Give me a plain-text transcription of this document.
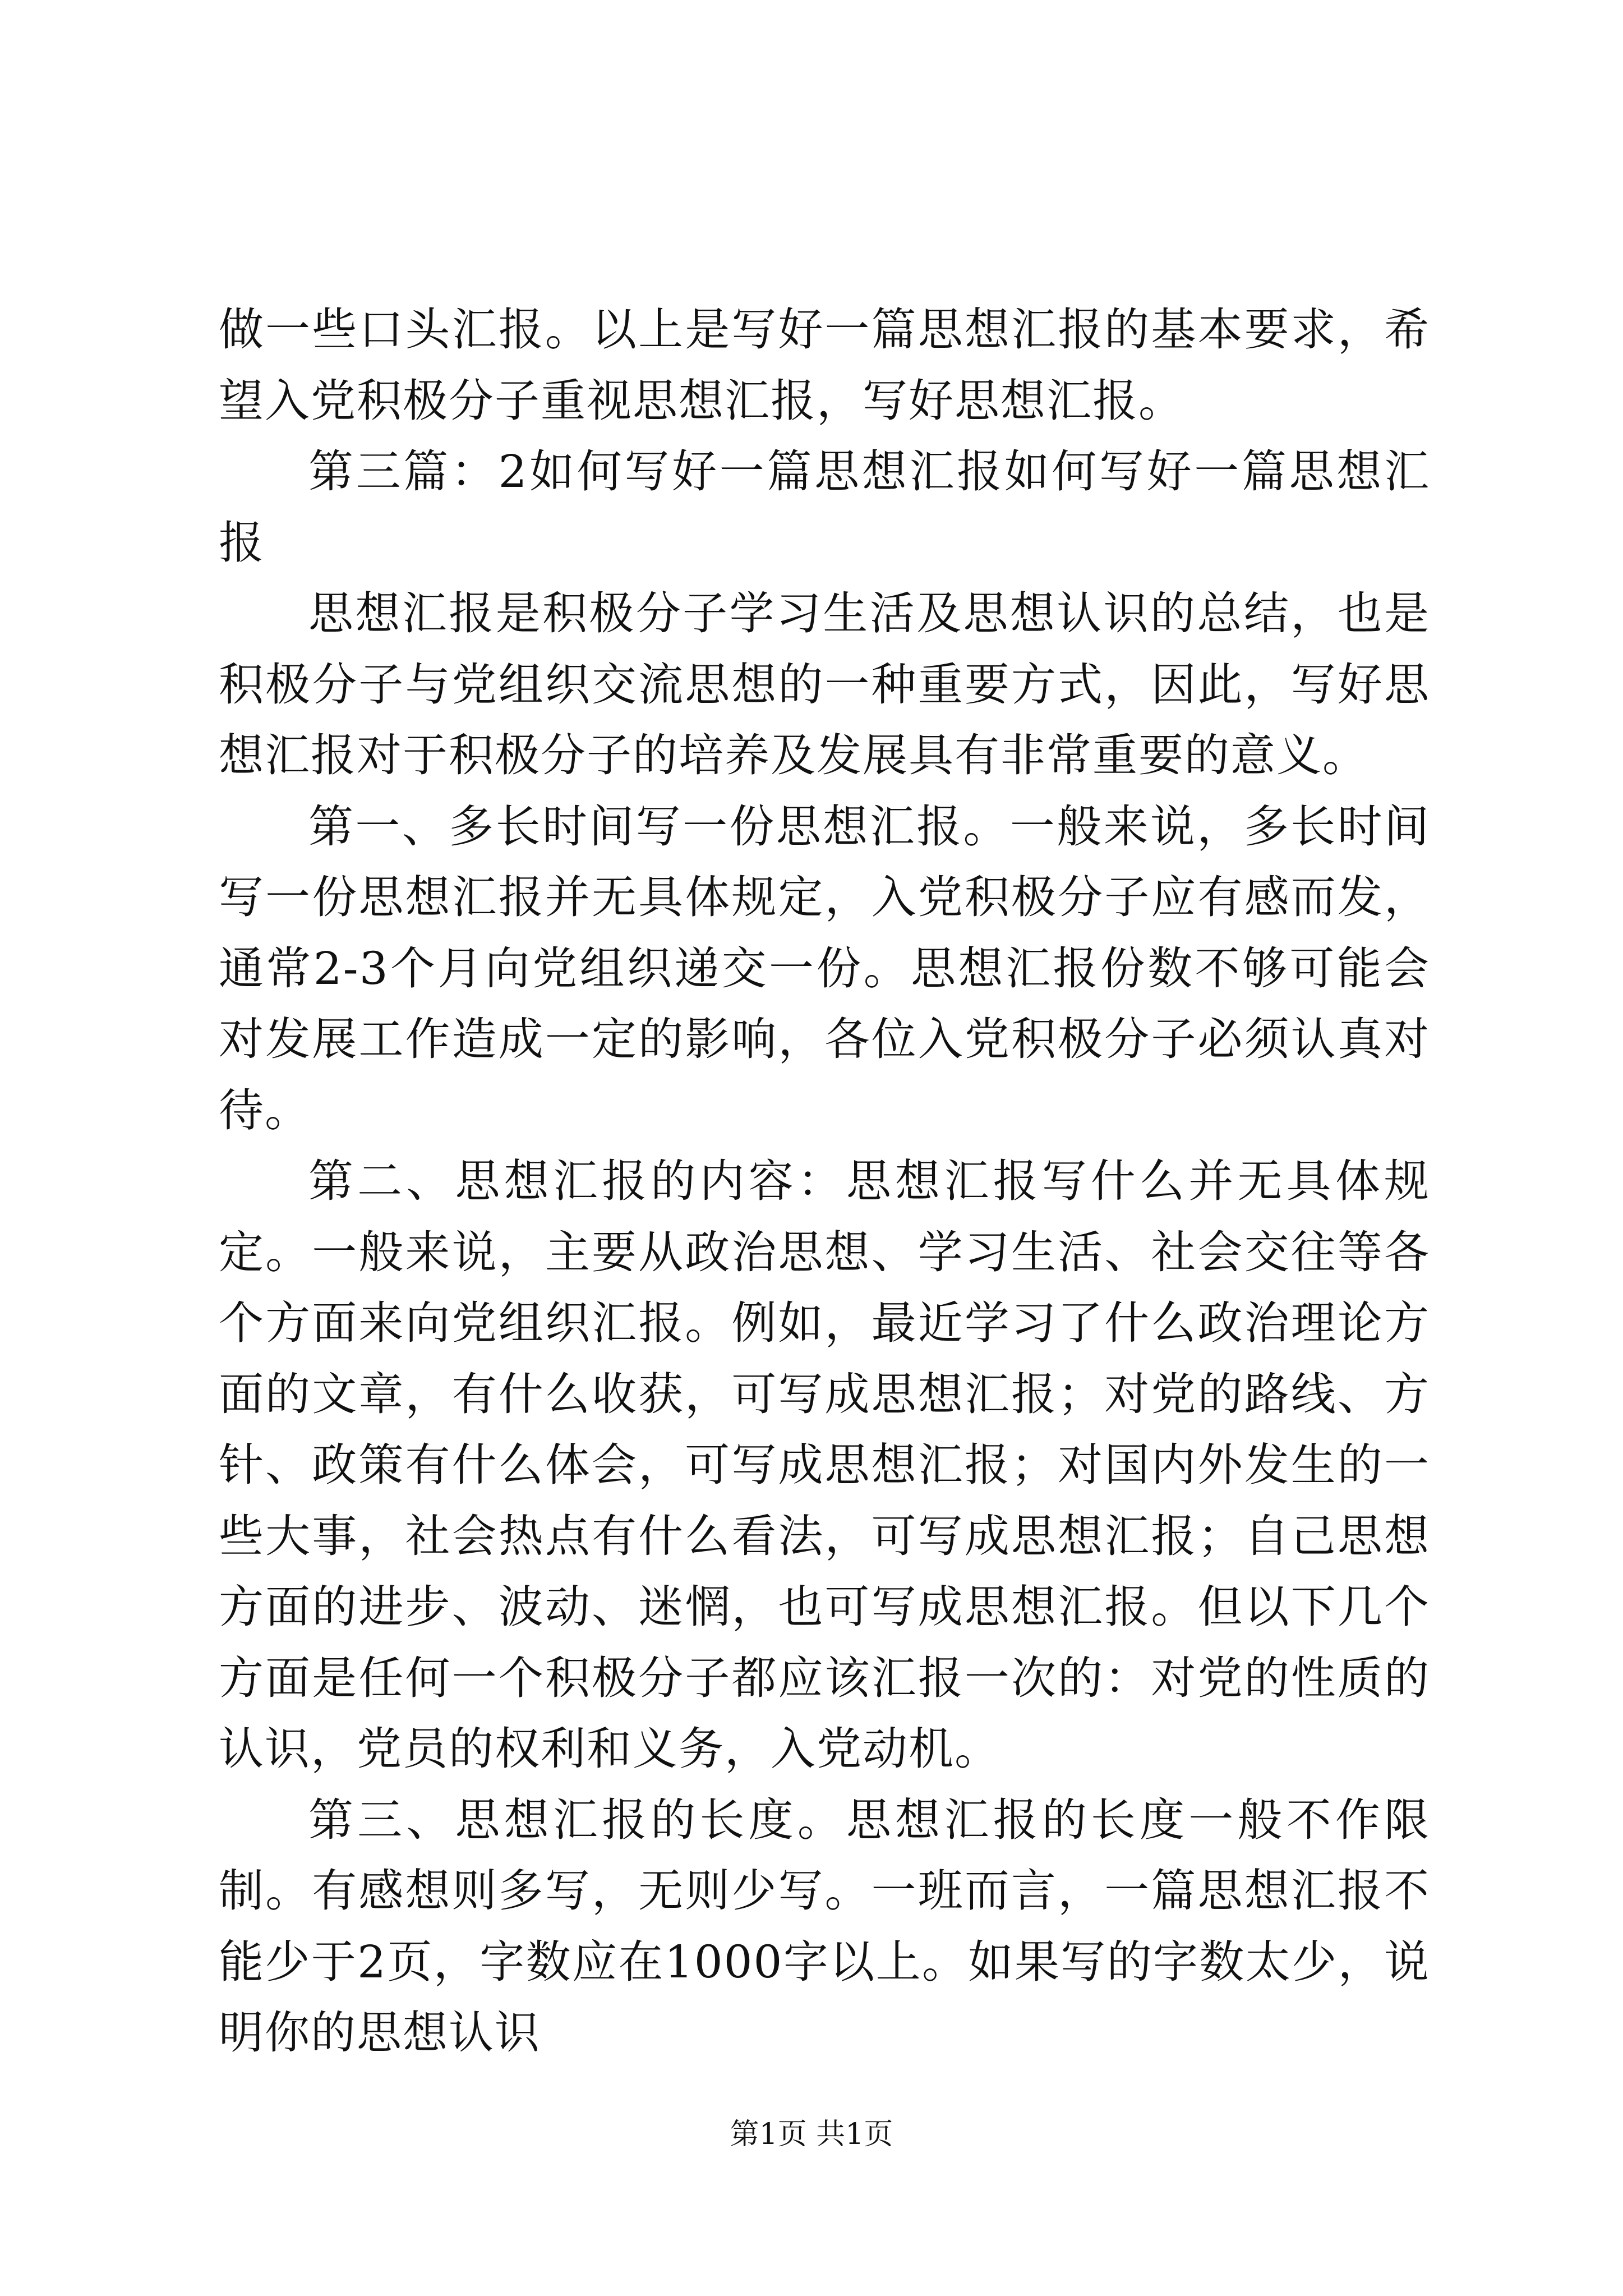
做一些口头汇报。以上是写好一篇思想汇报的基本要求，希望入党积极分子重视思想汇报，写好思想汇报。

第三篇：2如何写好一篇思想汇报如何写好一篇思想汇报

思想汇报是积极分子学习生活及思想认识的总结，也是积极分子与党组织交流思想的一种重要方式，因此，写好思想汇报对于积极分子的培养及发展具有非常重要的意义。

第一、多长时间写一份思想汇报。一般来说，多长时间写一份思想汇报并无具体规定，入党积极分子应有感而发，通常2-3个月向党组织递交一份。思想汇报份数不够可能会对发展工作造成一定的影响，各位入党积极分子必须认真对待。

第二、思想汇报的内容：思想汇报写什么并无具体规定。一般来说，主要从政治思想、学习生活、社会交往等各个方面来向党组织汇报。例如，最近学习了什么政治理论方面的文章，有什么收获，可写成思想汇报；对党的路线、方针、政策有什么体会，可写成思想汇报；对国内外发生的一些大事，社会热点有什么看法，可写成思想汇报；自己思想方面的进步、波动、迷惘，也可写成思想汇报。但以下几个方面是任何一个积极分子都应该汇报一次的：对党的性质的认识，党员的权利和义务，入党动机。

第三、思想汇报的长度。思想汇报的长度一般不作限制。有感想则多写，无则少写。一班而言，一篇思想汇报不能少于2页，字数应在1000字以上。如果写的字数太少，说明你的思想认识

第1页 共1页
